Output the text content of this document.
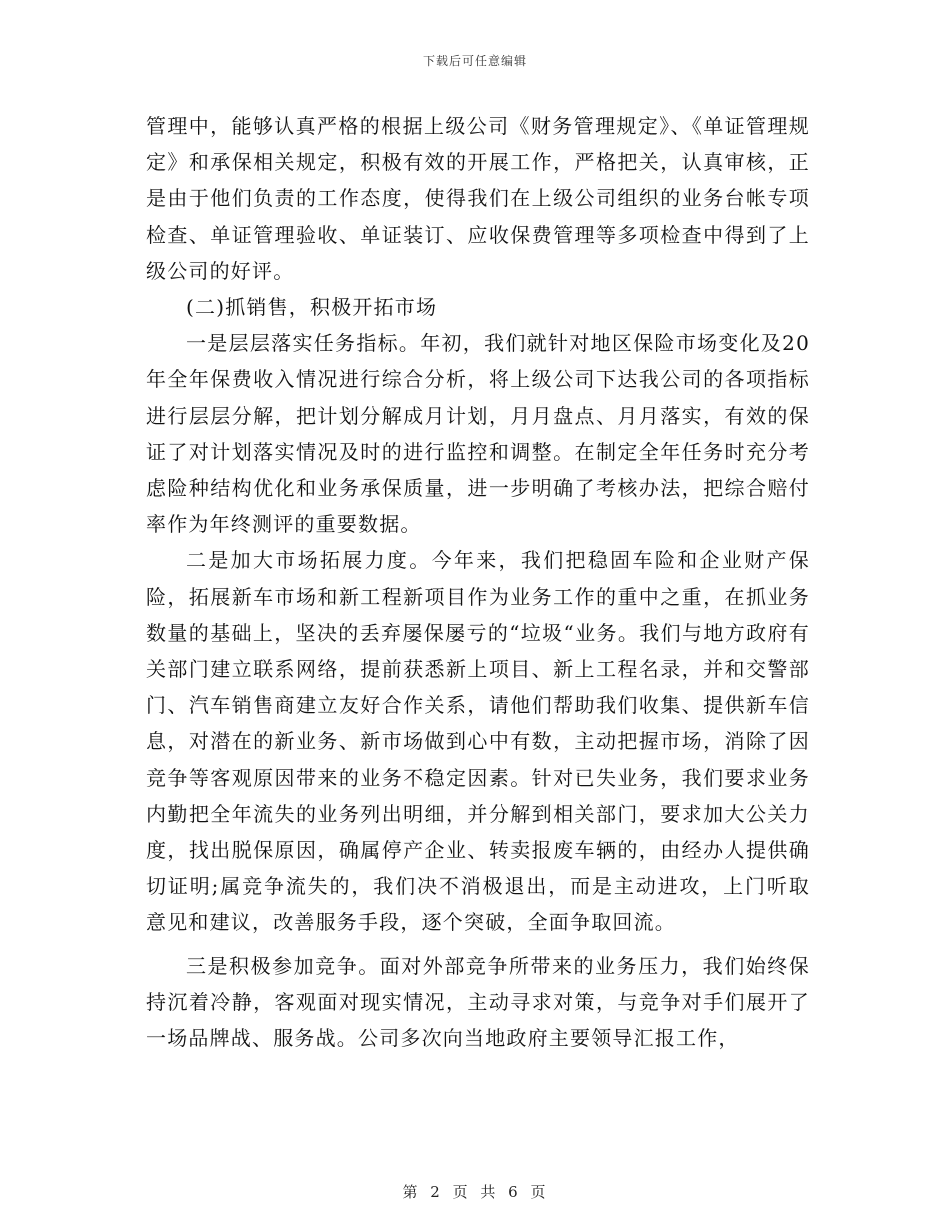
下载后可任意编辑

管理中，能够认真严格的根据上级公司《财务管理规定》、《单证管理规定》和承保相关规定，积极有效的开展工作，严格把关，认真审核，正是由于他们负责的工作态度，使得我们在上级公司组织的业务台帐专项检查、单证管理验收、单证装订、应收保费管理等多项检查中得到了上级公司的好评。

(二)抓销售，积极开拓市场

一是层层落实任务指标。年初，我们就针对地区保险市场变化及20年全年保费收入情况进行综合分析，将上级公司下达我公司的各项指标进行层层分解，把计划分解成月计划，月月盘点、月月落实，有效的保证了对计划落实情况及时的进行监控和调整。在制定全年任务时充分考虑险种结构优化和业务承保质量，进一步明确了考核办法，把综合赔付率作为年终测评的重要数据。

二是加大市场拓展力度。今年来，我们把稳固车险和企业财产保险，拓展新车市场和新工程新项目作为业务工作的重中之重，在抓业务数量的基础上，坚决的丢弃屡保屡亏的“垃圾“业务。我们与地方政府有关部门建立联系网络，提前获悉新上项目、新上工程名录，并和交警部门、汽车销售商建立友好合作关系，请他们帮助我们收集、提供新车信息，对潜在的新业务、新市场做到心中有数，主动把握市场，消除了因竞争等客观原因带来的业务不稳定因素。针对已失业务，我们要求业务内勤把全年流失的业务列出明细，并分解到相关部门，要求加大公关力度，找出脱保原因，确属停产企业、转卖报废车辆的，由经办人提供确切证明;属竞争流失的，我们决不消极退出，而是主动进攻，上门听取意见和建议，改善服务手段，逐个突破，全面争取回流。

三是积极参加竞争。面对外部竞争所带来的业务压力，我们始终保持沉着冷静，客观面对现实情况，主动寻求对策，与竞争对手们展开了一场品牌战、服务战。公司多次向当地政府主要领导汇报工作，

第 2 页 共 6 页
